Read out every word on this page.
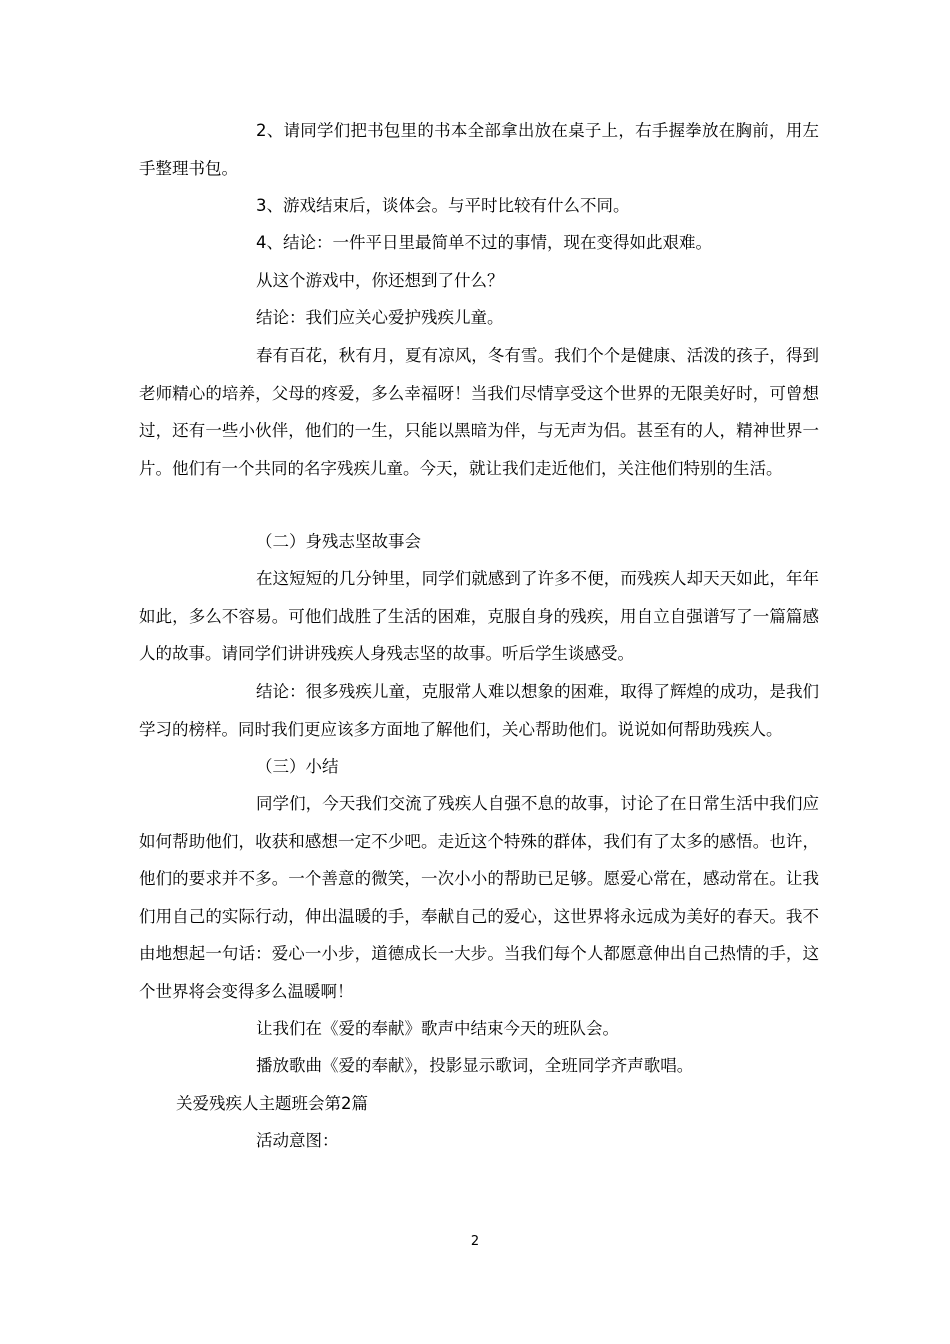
2、请同学们把书包里的书本全部拿出放在桌子上，右手握拳放在胸前，用左手整理书包。

3、游戏结束后，谈体会。与平时比较有什么不同。

4、结论：一件平日里最简单不过的事情，现在变得如此艰难。

从这个游戏中，你还想到了什么？

结论：我们应关心爱护残疾儿童。

春有百花，秋有月，夏有凉风，冬有雪。我们个个是健康、活泼的孩子，得到老师精心的培养，父母的疼爱，多么幸福呀！当我们尽情享受这个世界的无限美好时，可曾想过，还有一些小伙伴，他们的一生，只能以黑暗为伴，与无声为侣。甚至有的人，精神世界一片。他们有一个共同的名字残疾儿童。今天，就让我们走近他们，关注他们特别的生活。

（二）身残志坚故事会

在这短短的几分钟里，同学们就感到了许多不便，而残疾人却天天如此，年年如此，多么不容易。可他们战胜了生活的困难，克服自身的残疾，用自立自强谱写了一篇篇感人的故事。请同学们讲讲残疾人身残志坚的故事。听后学生谈感受。

结论：很多残疾儿童，克服常人难以想象的困难，取得了辉煌的成功，是我们学习的榜样。同时我们更应该多方面地了解他们，关心帮助他们。说说如何帮助残疾人。

（三）小结

同学们，今天我们交流了残疾人自强不息的故事，讨论了在日常生活中我们应如何帮助他们，收获和感想一定不少吧。走近这个特殊的群体，我们有了太多的感悟。也许，他们的要求并不多。一个善意的微笑，一次小小的帮助已足够。愿爱心常在，感动常在。让我们用自己的实际行动，伸出温暖的手，奉献自己的爱心，这世界将永远成为美好的春天。我不由地想起一句话：爱心一小步，道德成长一大步。当我们每个人都愿意伸出自己热情的手，这个世界将会变得多么温暖啊！

让我们在《爱的奉献》歌声中结束今天的班队会。

播放歌曲《爱的奉献》，投影显示歌词，全班同学齐声歌唱。

关爱残疾人主题班会第2篇

活动意图：

2
